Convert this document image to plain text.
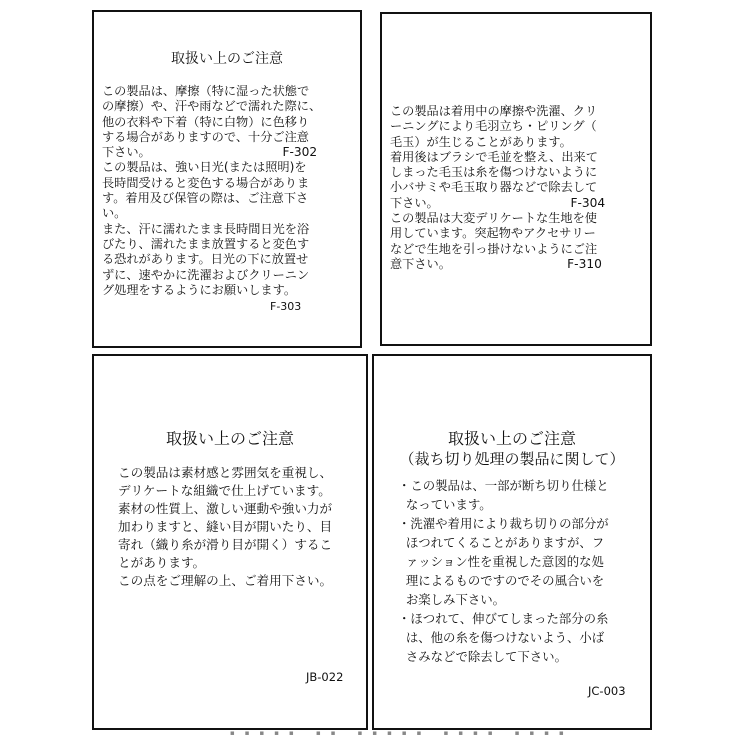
取扱い上のご注意
この製品は、摩擦（特に湿った状態で
の摩擦）や、汗や雨などで濡れた際に、
他の衣料や下着（特に白物）に色移り
する場合がありますので、十分ご注意
下さい。                                  F-302
この製品は、強い日光(または照明)を
長時間受けると変色する場合がありま
す。着用及び保管の際は、ご注意下さ
い。
また、汗に濡れたまま長時間日光を浴
びたり、濡れたまま放置すると変色す
る恐れがあります。日光の下に放置せ
ずに、速やかに洗濯およびクリーニン
グ処理をするようにお願いします。
F-303
この製品は着用中の摩擦や洗濯、クリ
ーニングにより毛羽立ち・ピリング（
毛玉）が生じることがあります。
着用後はブラシで毛並を整え、出来て
しまった毛玉は糸を傷つけないように
小バサミや毛玉取り器などで除去して
下さい。                                  F-304
この製品は大変デリケートな生地を使
用しています。突起物やアクセサリー
などで生地を引っ掛けないようにご注
意下さい。                              F-310
取扱い上のご注意
この製品は素材感と雰囲気を重視し、
デリケートな組織で仕上げています。
素材の性質上、激しい運動や強い力が
加わりますと、縫い目が開いたり、目
寄れ（織り糸が滑り目が開く）するこ
とがあります。
この点をご理解の上、ご着用下さい。
JB-022
取扱い上のご注意
（裁ち切り処理の製品に関して）
・この製品は、一部が断ち切り仕様と
なっています。
・洗濯や着用により裁ち切りの部分が
ほつれてくることがありますが、フ
ァッション性を重視した意図的な処
理によるものですのでその風合いを
お楽しみ下さい。
・ほつれて、伸びてしまった部分の糸
は、他の糸を傷つけないよう、小ば
さみなどで除去して下さい。
JC-003
▪▪▪▪▪ ▪▪ ▪▪▪▪▪ ▪▪▪▪ ▪▪▪▪
